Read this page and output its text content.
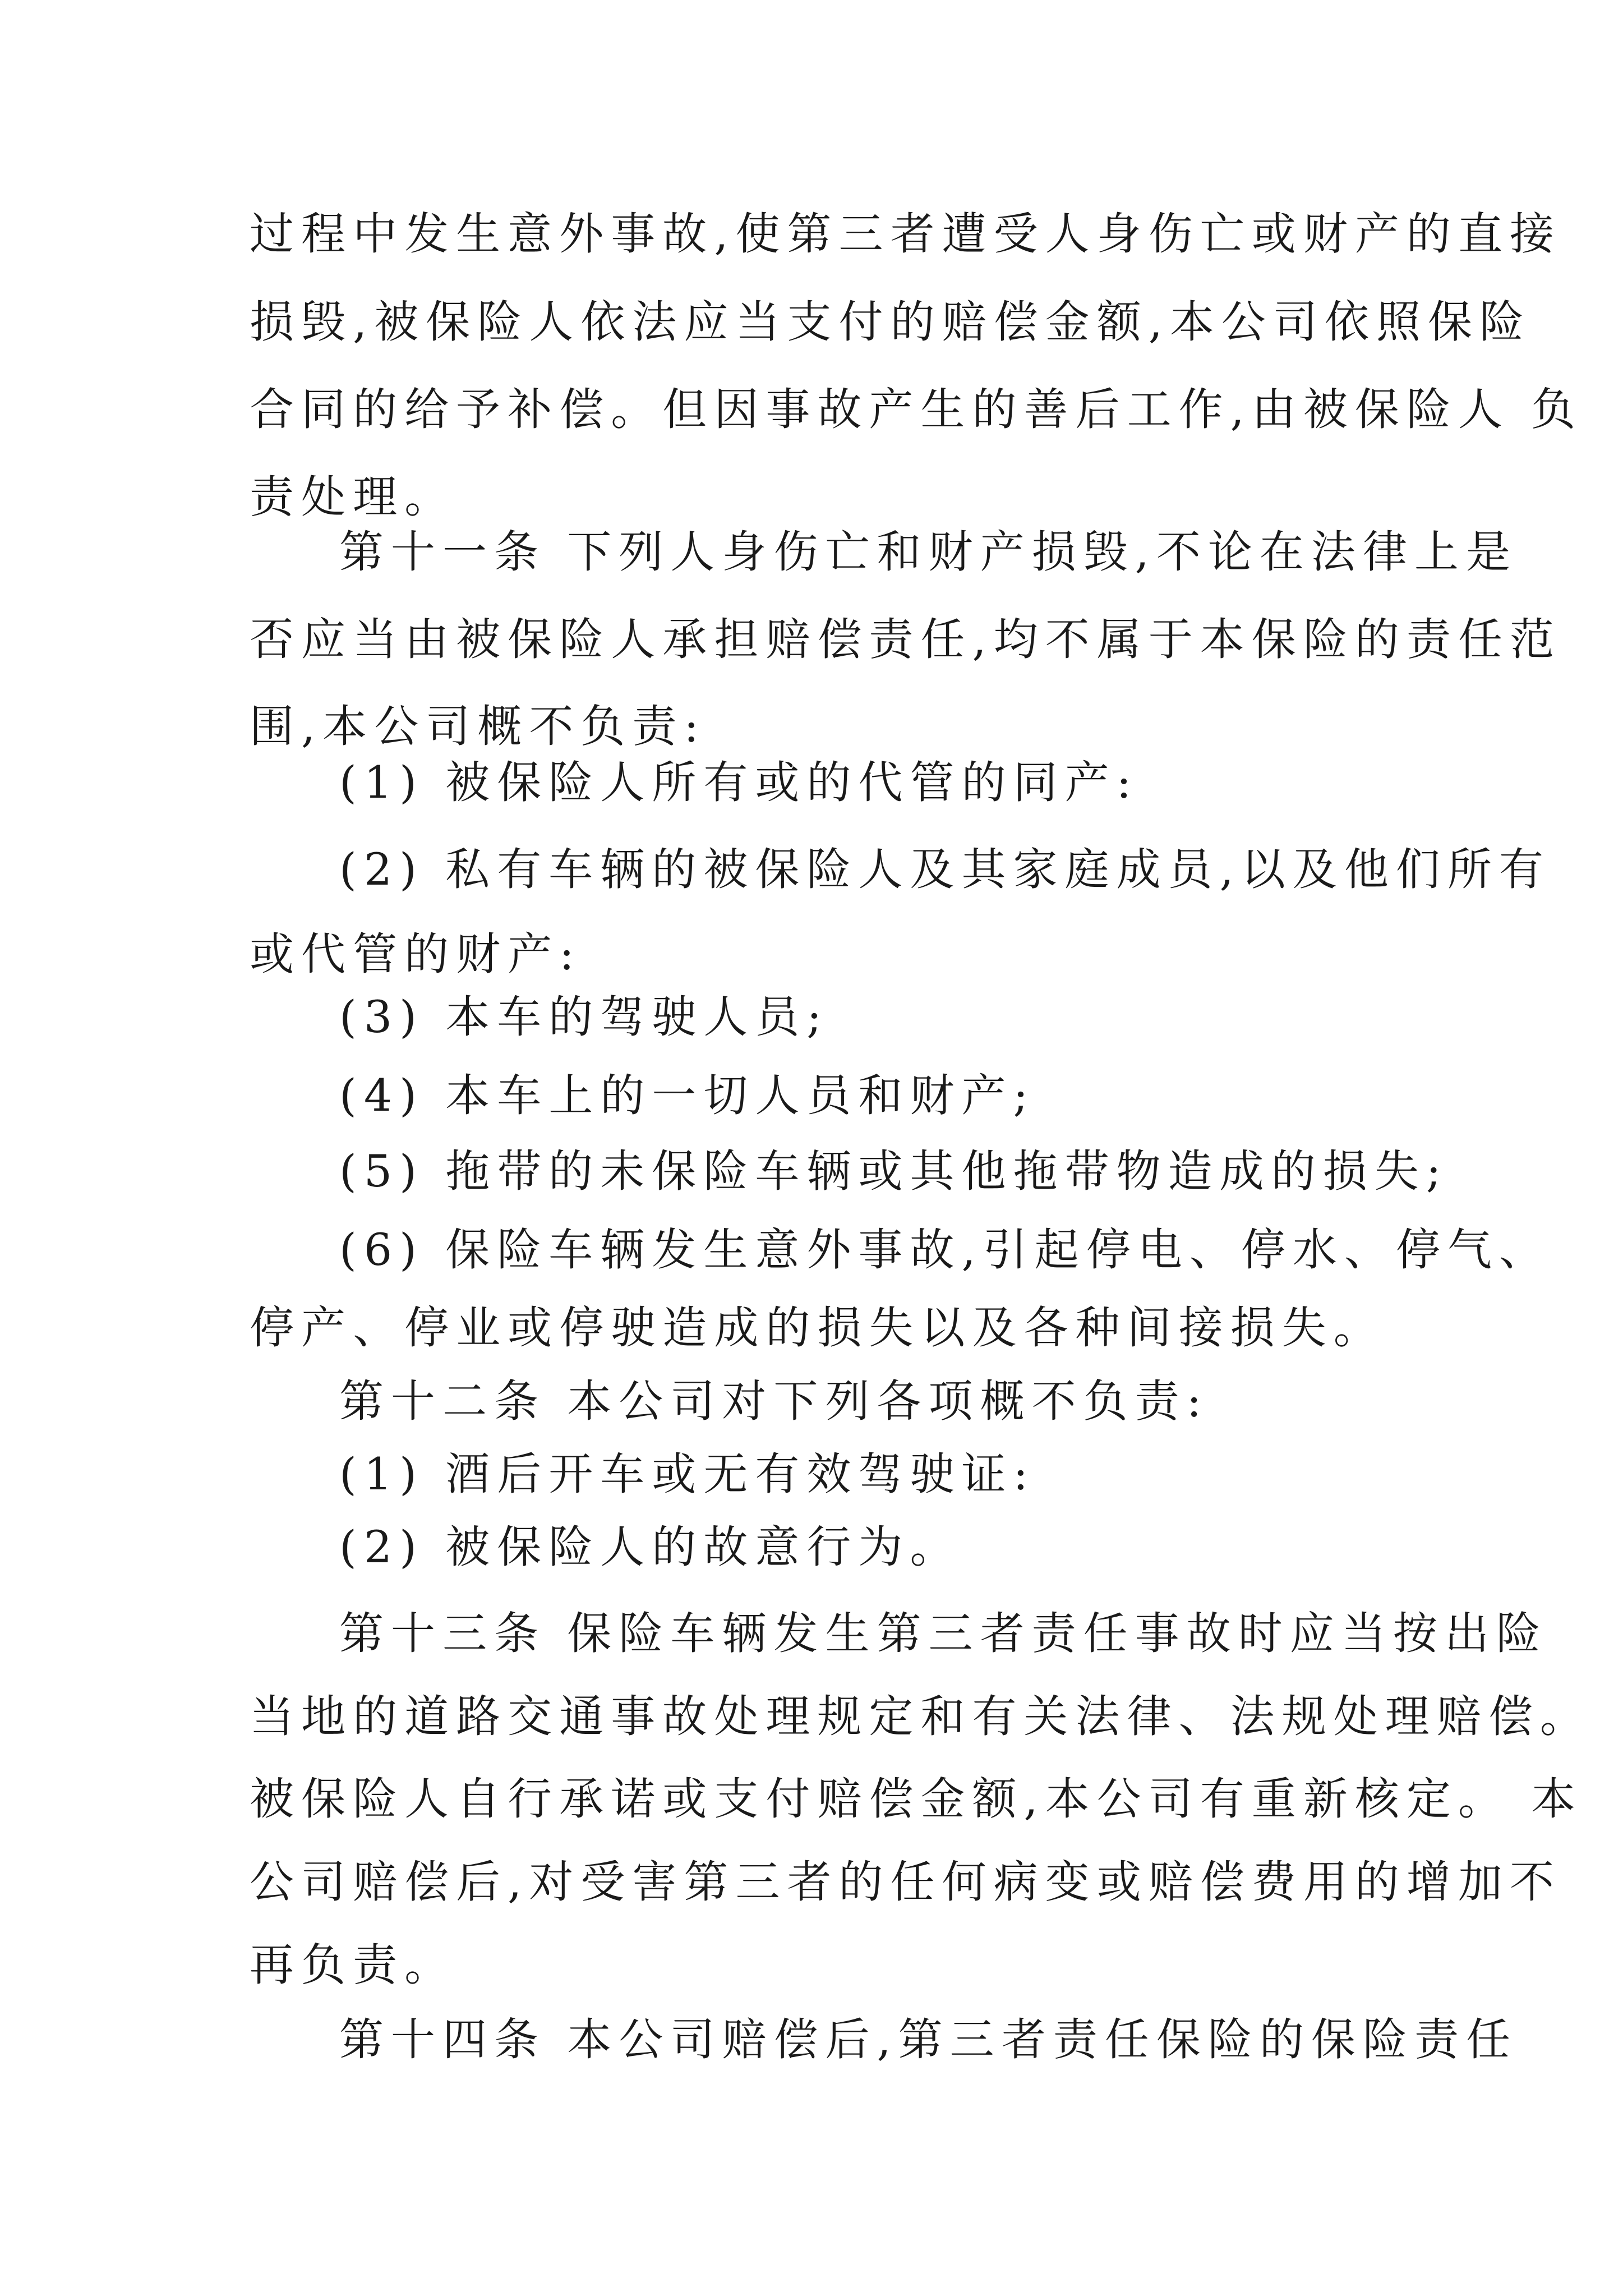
过程中发生意外事故,使第三者遭受人身伤亡或财产的直接
损毁,被保险人依法应当支付的赔偿金额,本公司依照保险
合同的给予补偿。但因事故产生的善后工作,由被保险人 负
责处理。
第十一条 下列人身伤亡和财产损毁,不论在法律上是
否应当由被保险人承担赔偿责任,均不属于本保险的责任范
围,本公司概不负责:
(1) 被保险人所有或的代管的同产:
(2) 私有车辆的被保险人及其家庭成员,以及他们所有
或代管的财产:
(3) 本车的驾驶人员;
(4) 本车上的一切人员和财产;
(5) 拖带的未保险车辆或其他拖带物造成的损失;
(6) 保险车辆发生意外事故,引起停电、停水、停气、
停产、停业或停驶造成的损失以及各种间接损失。
第十二条 本公司对下列各项概不负责:
(1) 酒后开车或无有效驾驶证:
(2) 被保险人的故意行为。
第十三条 保险车辆发生第三者责任事故时应当按出险
当地的道路交通事故处理规定和有关法律、法规处理赔偿。
被保险人自行承诺或支付赔偿金额,本公司有重新核定。 本
公司赔偿后,对受害第三者的任何病变或赔偿费用的增加不
再负责。
第十四条 本公司赔偿后,第三者责任保险的保险责任
